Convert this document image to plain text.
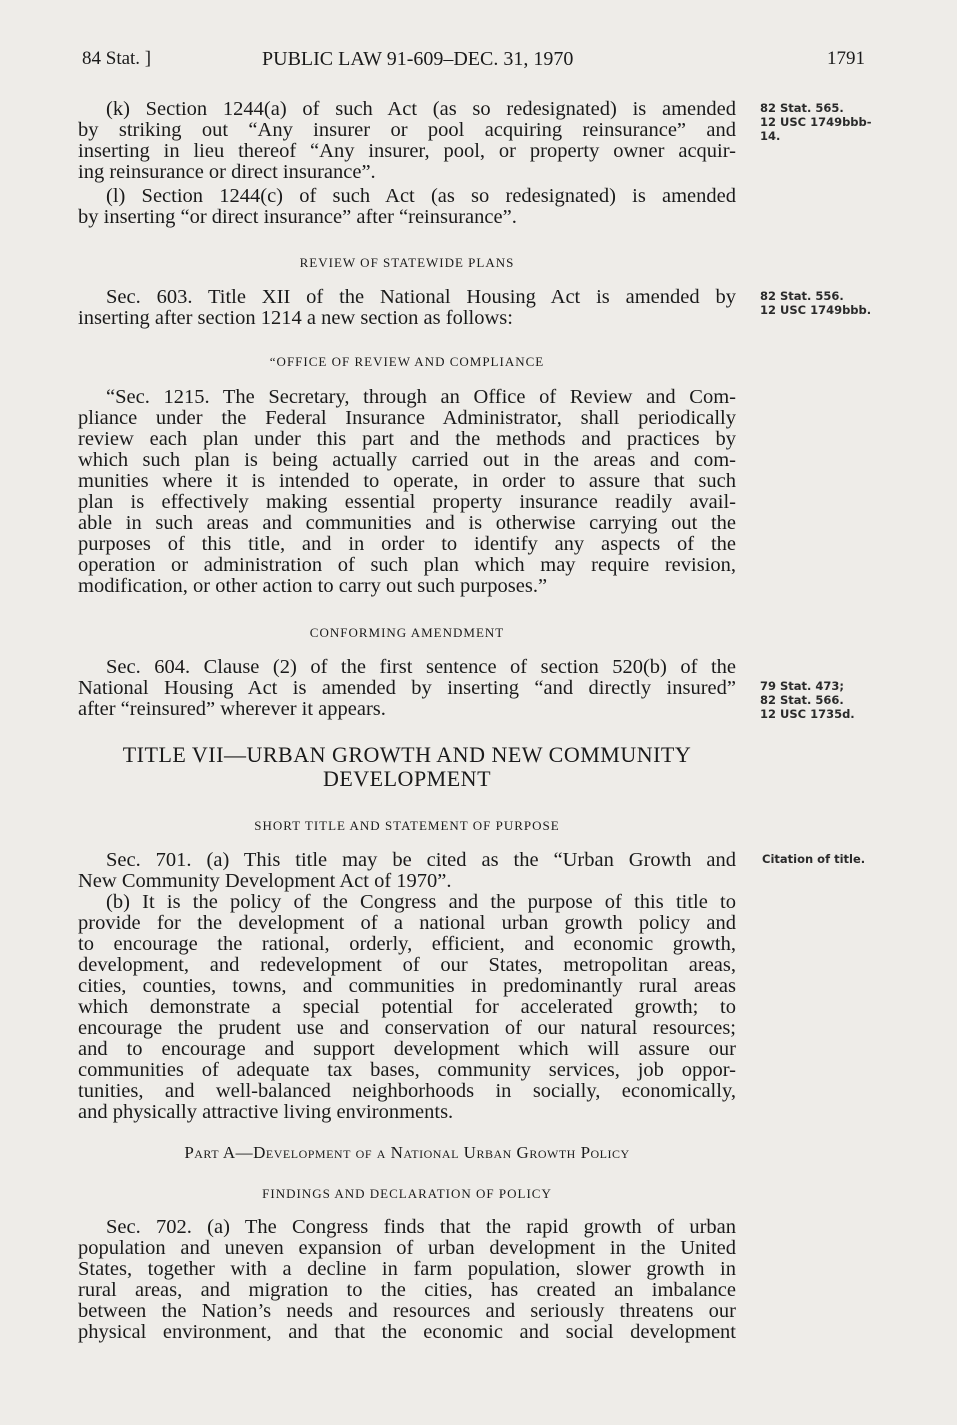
84 Stat. ]	PUBLIC LAW 91-609–DEC. 31, 1970	1791
(k) Section 1244(a) of such Act (as so redesignated) is amended
by striking out “Any insurer or pool acquiring reinsurance” and
inserting in lieu thereof “Any insurer, pool, or property owner acquir-
ing reinsurance or direct insurance”.
(l) Section 1244(c) of such Act (as so redesignated) is amended
by inserting “or direct insurance” after “reinsurance”.
REVIEW OF STATEWIDE PLANS
Sec. 603. Title XII of the National Housing Act is amended by
inserting after section 1214 a new section as follows:
“OFFICE OF REVIEW AND COMPLIANCE
“Sec. 1215. The Secretary, through an Office of Review and Com-
pliance under the Federal Insurance Administrator, shall periodically
review each plan under this part and the methods and practices by
which such plan is being actually carried out in the areas and com-
munities where it is intended to operate, in order to assure that such
plan is effectively making essential property insurance readily avail-
able in such areas and communities and is otherwise carrying out the
purposes of this title, and in order to identify any aspects of the
operation or administration of such plan which may require revision,
modification, or other action to carry out such purposes.”
CONFORMING AMENDMENT
Sec. 604. Clause (2) of the first sentence of section 520(b) of the
National Housing Act is amended by inserting “and directly insured”
after “reinsured” wherever it appears.
TITLE VII—URBAN GROWTH AND NEW COMMUNITY
DEVELOPMENT
SHORT TITLE AND STATEMENT OF PURPOSE
Sec. 701. (a) This title may be cited as the “Urban Growth and
New Community Development Act of 1970”.
(b) It is the policy of the Congress and the purpose of this title to
provide for the development of a national urban growth policy and
to encourage the rational, orderly, efficient, and economic growth,
development, and redevelopment of our States, metropolitan areas,
cities, counties, towns, and communities in predominantly rural areas
which demonstrate a special potential for accelerated growth; to
encourage the prudent use and conservation of our natural resources;
and to encourage and support development which will assure our
communities of adequate tax bases, community services, job oppor-
tunities, and well-balanced neighborhoods in socially, economically,
and physically attractive living environments.
Part A—Development of a National Urban Growth Policy
FINDINGS AND DECLARATION OF POLICY
Sec. 702. (a) The Congress finds that the rapid growth of urban
population and uneven expansion of urban development in the United
States, together with a decline in farm population, slower growth in
rural areas, and migration to the cities, has created an imbalance
between the Nation’s needs and resources and seriously threatens our
physical environment, and that the economic and social development
82 Stat. 565.
12 USC 1749bbb-
14.
82 Stat. 556.
12 USC 1749bbb.
79 Stat. 473;
82 Stat. 566.
12 USC 1735d.
Citation of title.
